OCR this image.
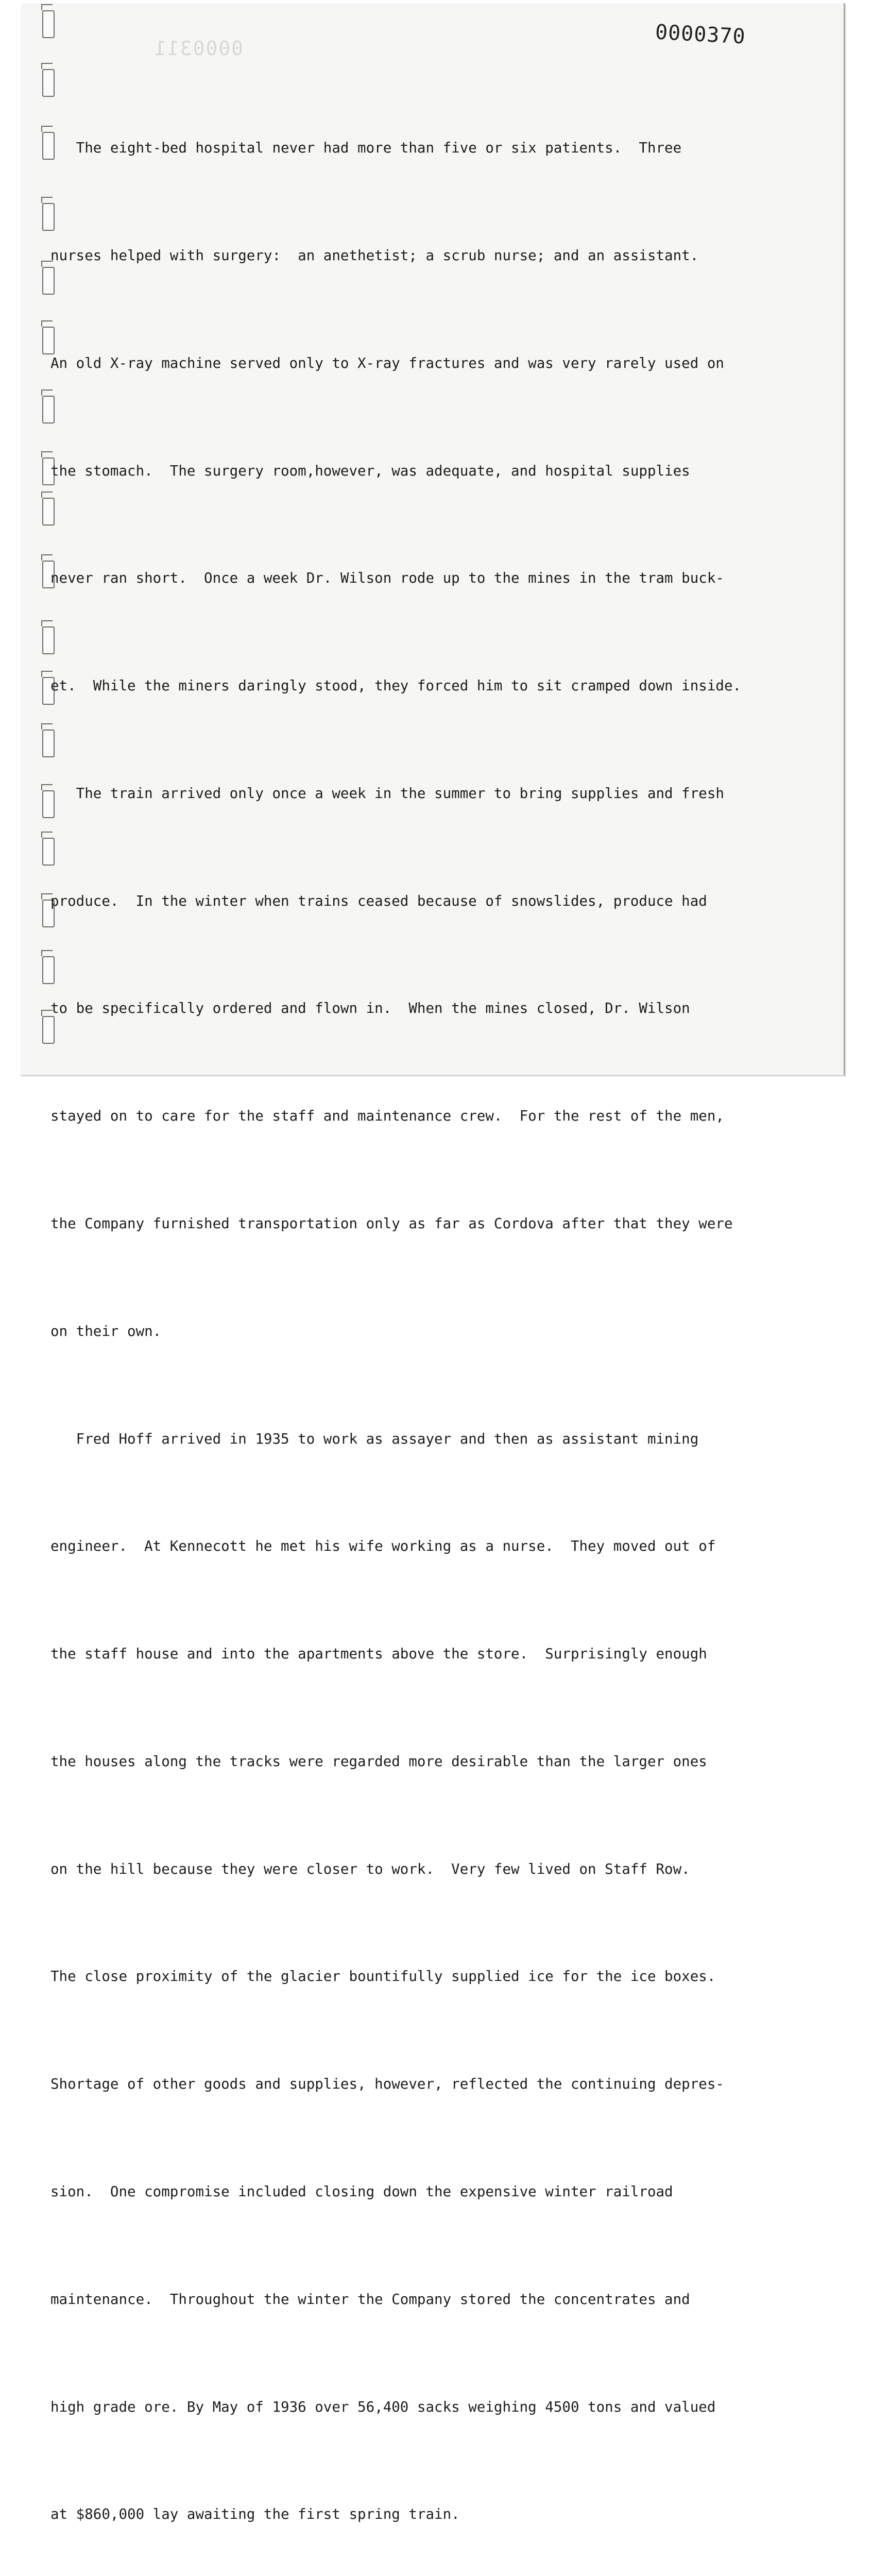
0000311	0000370

The eight-bed hospital never had more than five or six patients.  Three

nurses helped with surgery:  an anethetist; a scrub nurse; and an assistant.

An old X-ray machine served only to X-ray fractures and was very rarely used on

the stomach.  The surgery room,however, was adequate, and hospital supplies

never ran short.  Once a week Dr. Wilson rode up to the mines in the tram buck-

et.  While the miners daringly stood, they forced him to sit cramped down inside.

The train arrived only once a week in the summer to bring supplies and fresh

produce.  In the winter when trains ceased because of snowslides, produce had

to be specifically ordered and flown in.  When the mines closed, Dr. Wilson

stayed on to care for the staff and maintenance crew.  For the rest of the men,

the Company furnished transportation only as far as Cordova after that they were

on their own.

Fred Hoff arrived in 1935 to work as assayer and then as assistant mining

engineer.  At Kennecott he met his wife working as a nurse.  They moved out of

the staff house and into the apartments above the store.  Surprisingly enough

the houses along the tracks were regarded more desirable than the larger ones

on the hill because they were closer to work.  Very few lived on Staff Row.

The close proximity of the glacier bountifully supplied ice for the ice boxes.

Shortage of other goods and supplies, however, reflected the continuing depres-

sion.  One compromise included closing down the expensive winter railroad

maintenance.  Throughout the winter the Company stored the concentrates and

high grade ore. By May of 1936 over 56,400 sacks weighing 4500 tons and valued

at $860,000 lay awaiting the first spring train.
